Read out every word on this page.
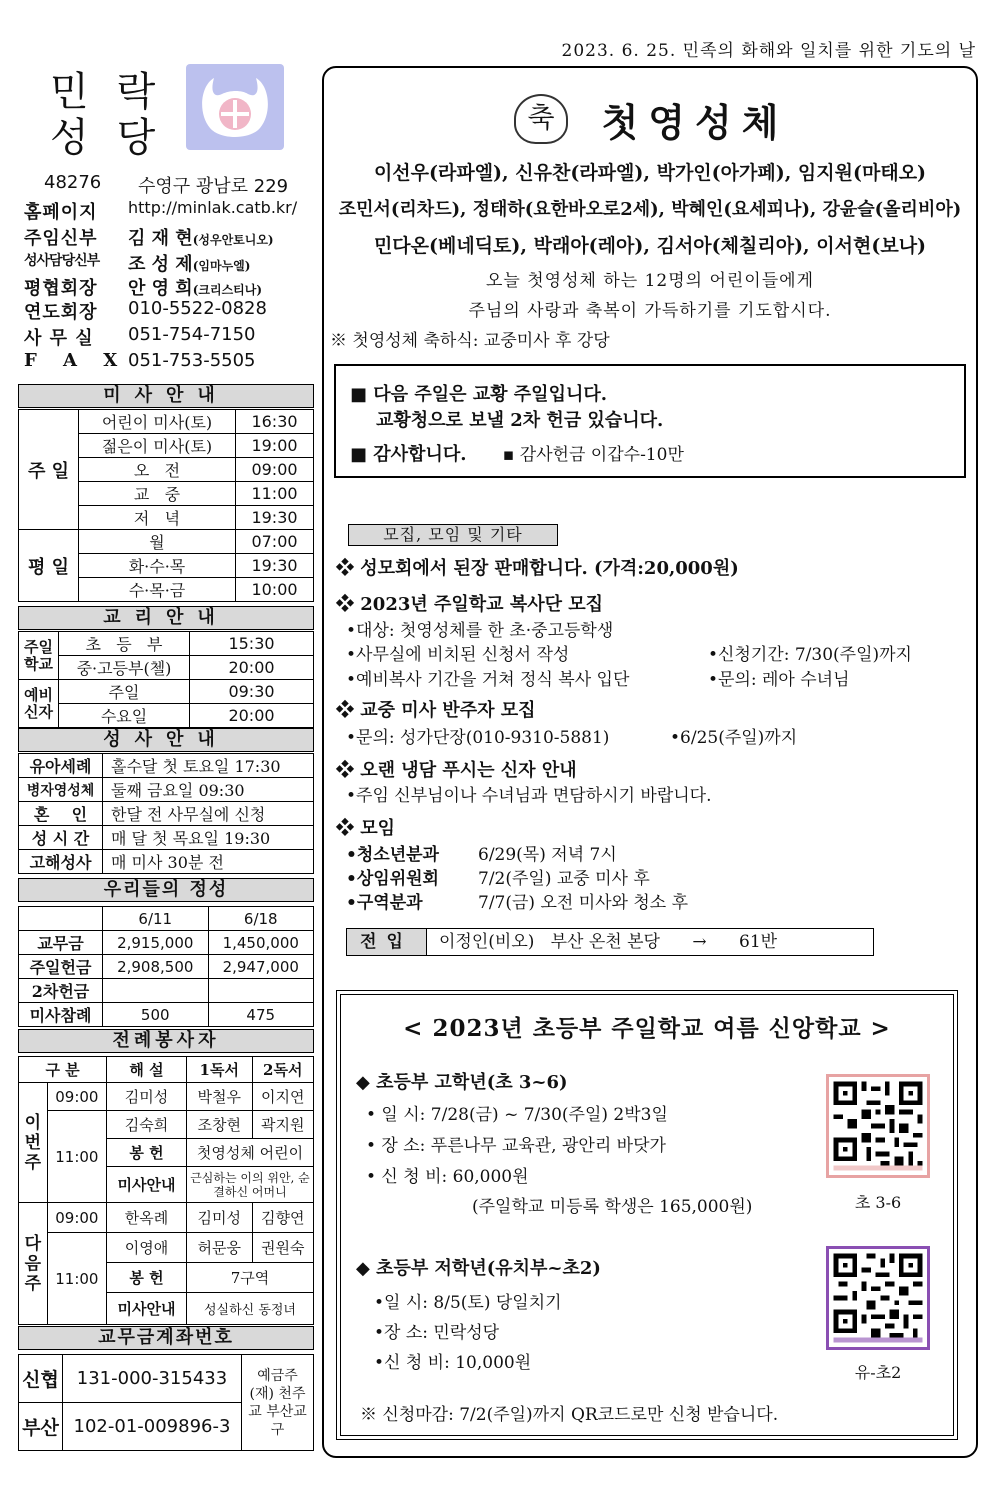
2023. 6. 25. 민족의 화해와 일치를 위한 기도의 날
민락
성당
48276	수영구 광남로 229
홈페이지	http://minlak.catb.kr/
주임신부	김 재 현(성우안토니오)
성사담당신부	조 성 제(임마누엘)
평협회장	안 영 희(크리스티나)
연도회장	010-5522-0828
사 무 실	051-754-7150
F A X 051-753-5505
미사안내
주 일	어린이 미사(토)	16:30
	젊은이 미사(토)	19:00
	오   전	09:00
	교   중	11:00
	저   녁	19:30
평 일	월	07:00
	화·수·목	19:30
	수·목·금	10:00
교리안내
주일 학교	초   등   부	15:30
	중·고등부(첼)	20:00
예비 신자	주일	09:30
	수요일	20:00
성사안내
유아세례	홀수달 첫 토요일 17:30
병자영성체	둘째 금요일 09:30
혼    인	한달 전 사무실에 신청
성 시 간	매 달 첫 목요일 19:30
고해성사	매 미사 30분 전
우리들의 정성
	6/11	6/18
교무금	2,915,000	1,450,000
주일헌금	2,908,500	2,947,000
2차헌금		
미사참례	500	475
전례봉사자
구 분		해 설	1독서	2독서
이번주	09:00	김미성	박철우	이지연
	11:00	김숙희	조창현	곽지원
		봉 헌	첫영성체 어린이	
		미사안내	근심하는 이의 위안, 순결하신 어머니	
다음주	09:00	한옥례	김미성	김향연
	11:00	이영애	허문웅	권원숙
		봉 헌	7구역	
		미사안내	성실하신 동정녀	
교무금계좌번호
신협	131-000-315433	예금주 (재) 천주교 부산교구
부산	102-01-009896-3	
축	첫영성체
이선우(라파엘), 신유찬(라파엘), 박가인(아가페), 임지원(마태오)
조민서(리차드), 정태하(요한바오로2세), 박혜인(요세피나), 강윤슬(올리비아)
민다온(베네딕토), 박래아(레아), 김서아(체칠리아), 이서현(보나)
오늘 첫영성체 하는 12명의 어린이들에게
주님의 사랑과 축복이 가득하기를 기도합시다.
※ 첫영성체 축하식: 교중미사 후 강당
■ 다음 주일은 교황 주일입니다.
교황청으로 보낼 2차 헌금 있습니다.
■ 감사합니다. ▪ 감사헌금 이갑수-10만
모집, 모임 및 기타
❖ 성모회에서 된장 판매합니다. (가격:20,000원)
❖ 2023년 주일학교 복사단 모집
•대상: 첫영성체를 한 초·중고등학생
•사무실에 비치된 신청서 작성	•신청기간: 7/30(주일)까지
•예비복사 기간을 거쳐 정식 복사 입단	•문의: 레아 수녀님
❖ 교중 미사 반주자 모집
•문의: 성가단장(010-9310-5881)	•6/25(주일)까지
❖ 오랜 냉담 푸시는 신자 안내
•주임 신부님이나 수녀님과 면담하시기 바랍니다.
❖ 모임
•청소년분과 6/29(목) 저녁 7시
•상임위원회 7/2(주일) 교중 미사 후
•구역분과	7/7(금) 오전 미사와 청소 후
전입	이정인(비오)   부산 온천 본당      →      61반
< 2023년 초등부 주일학교 여름 신앙학교 >
◆ 초등부 고학년(초 3~6)
• 일 시: 7/28(금) ~ 7/30(주일) 2박3일
• 장 소: 푸른나무 교육관, 광안리 바닷가
• 신 청 비: 60,000원
(주일학교 미등록 학생은 165,000원)	초 3-6
◆ 초등부 저학년(유치부~초2)
•일 시: 8/5(토) 당일치기
•장 소: 민락성당
•신 청 비: 10,000원	유-초2
※ 신청마감: 7/2(주일)까지 QR코드로만 신청 받습니다.
